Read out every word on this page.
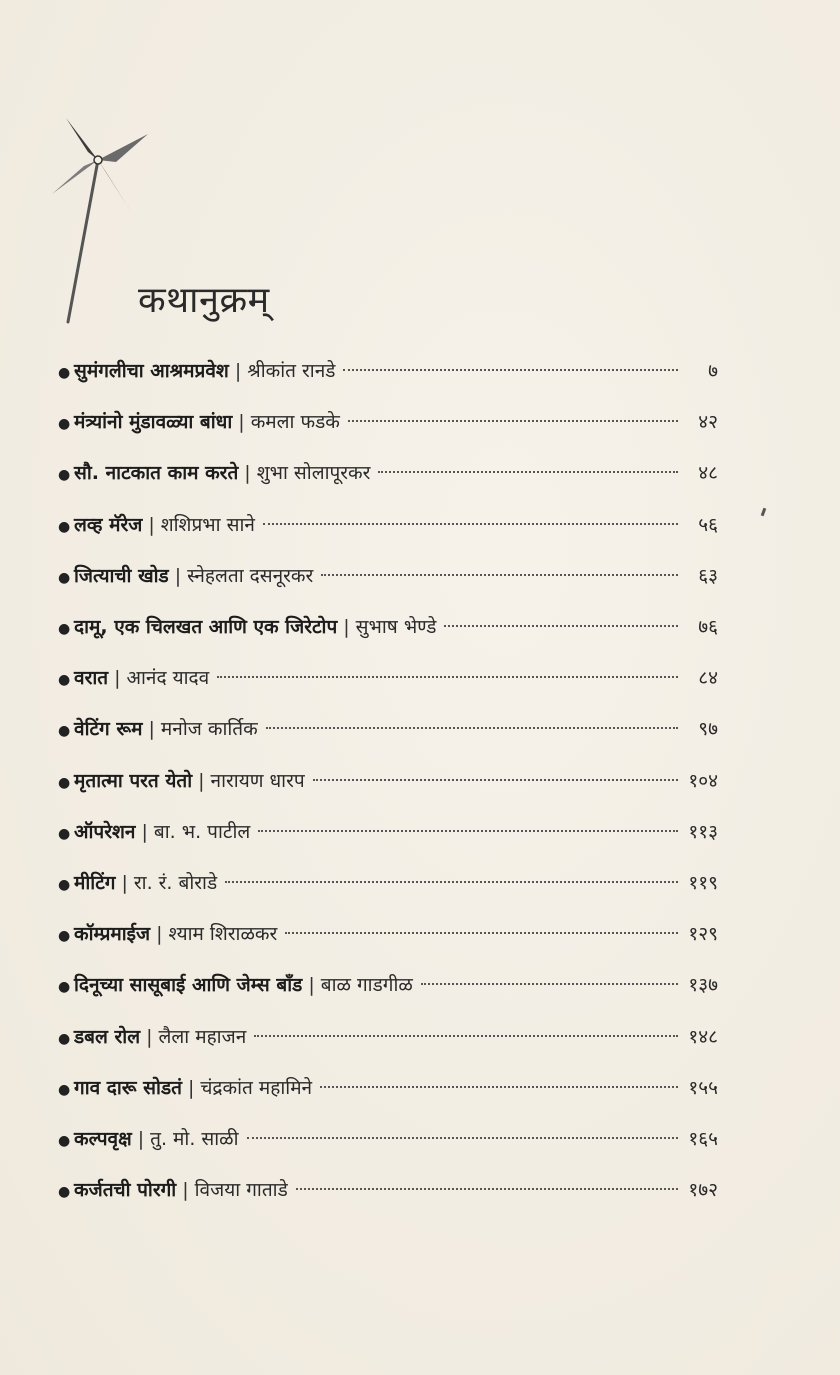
कथानुक्रम्
● सुमंगलीचा आश्रमप्रवेश | श्रीकांत रानडे	७
● मंत्र्यांनो मुंडावळ्या बांधा | कमला फडके	४२
● सौ. नाटकात काम करते | शुभा सोलापूरकर	४८
● लव्ह मॅरेज | शशिप्रभा साने	५६
● जित्याची खोड | स्नेहलता दसनूरकर	६३
● दामू, एक चिलखत आणि एक जिरेटोप | सुभाष भेण्डे	७६
● वरात | आनंद यादव	८४
● वेटिंग रूम | मनोज कार्तिक	९७
● मृतात्मा परत येतो | नारायण धारप	१०४
● ऑपरेशन | बा. भ. पाटील	११३
● मीटिंग | रा. रं. बोराडे	११९
● कॉम्प्रमाईज | श्याम शिराळकर	१२९
● दिनूच्या सासूबाई आणि जेम्स बाँड | बाळ गाडगीळ	१३७
● डबल रोल | लैला महाजन	१४८
● गाव दारू सोडतं | चंद्रकांत महामिने	१५५
● कल्पवृक्ष | तु. मो. साळी	१६५
● कर्जतची पोरगी | विजया गाताडे	१७२
